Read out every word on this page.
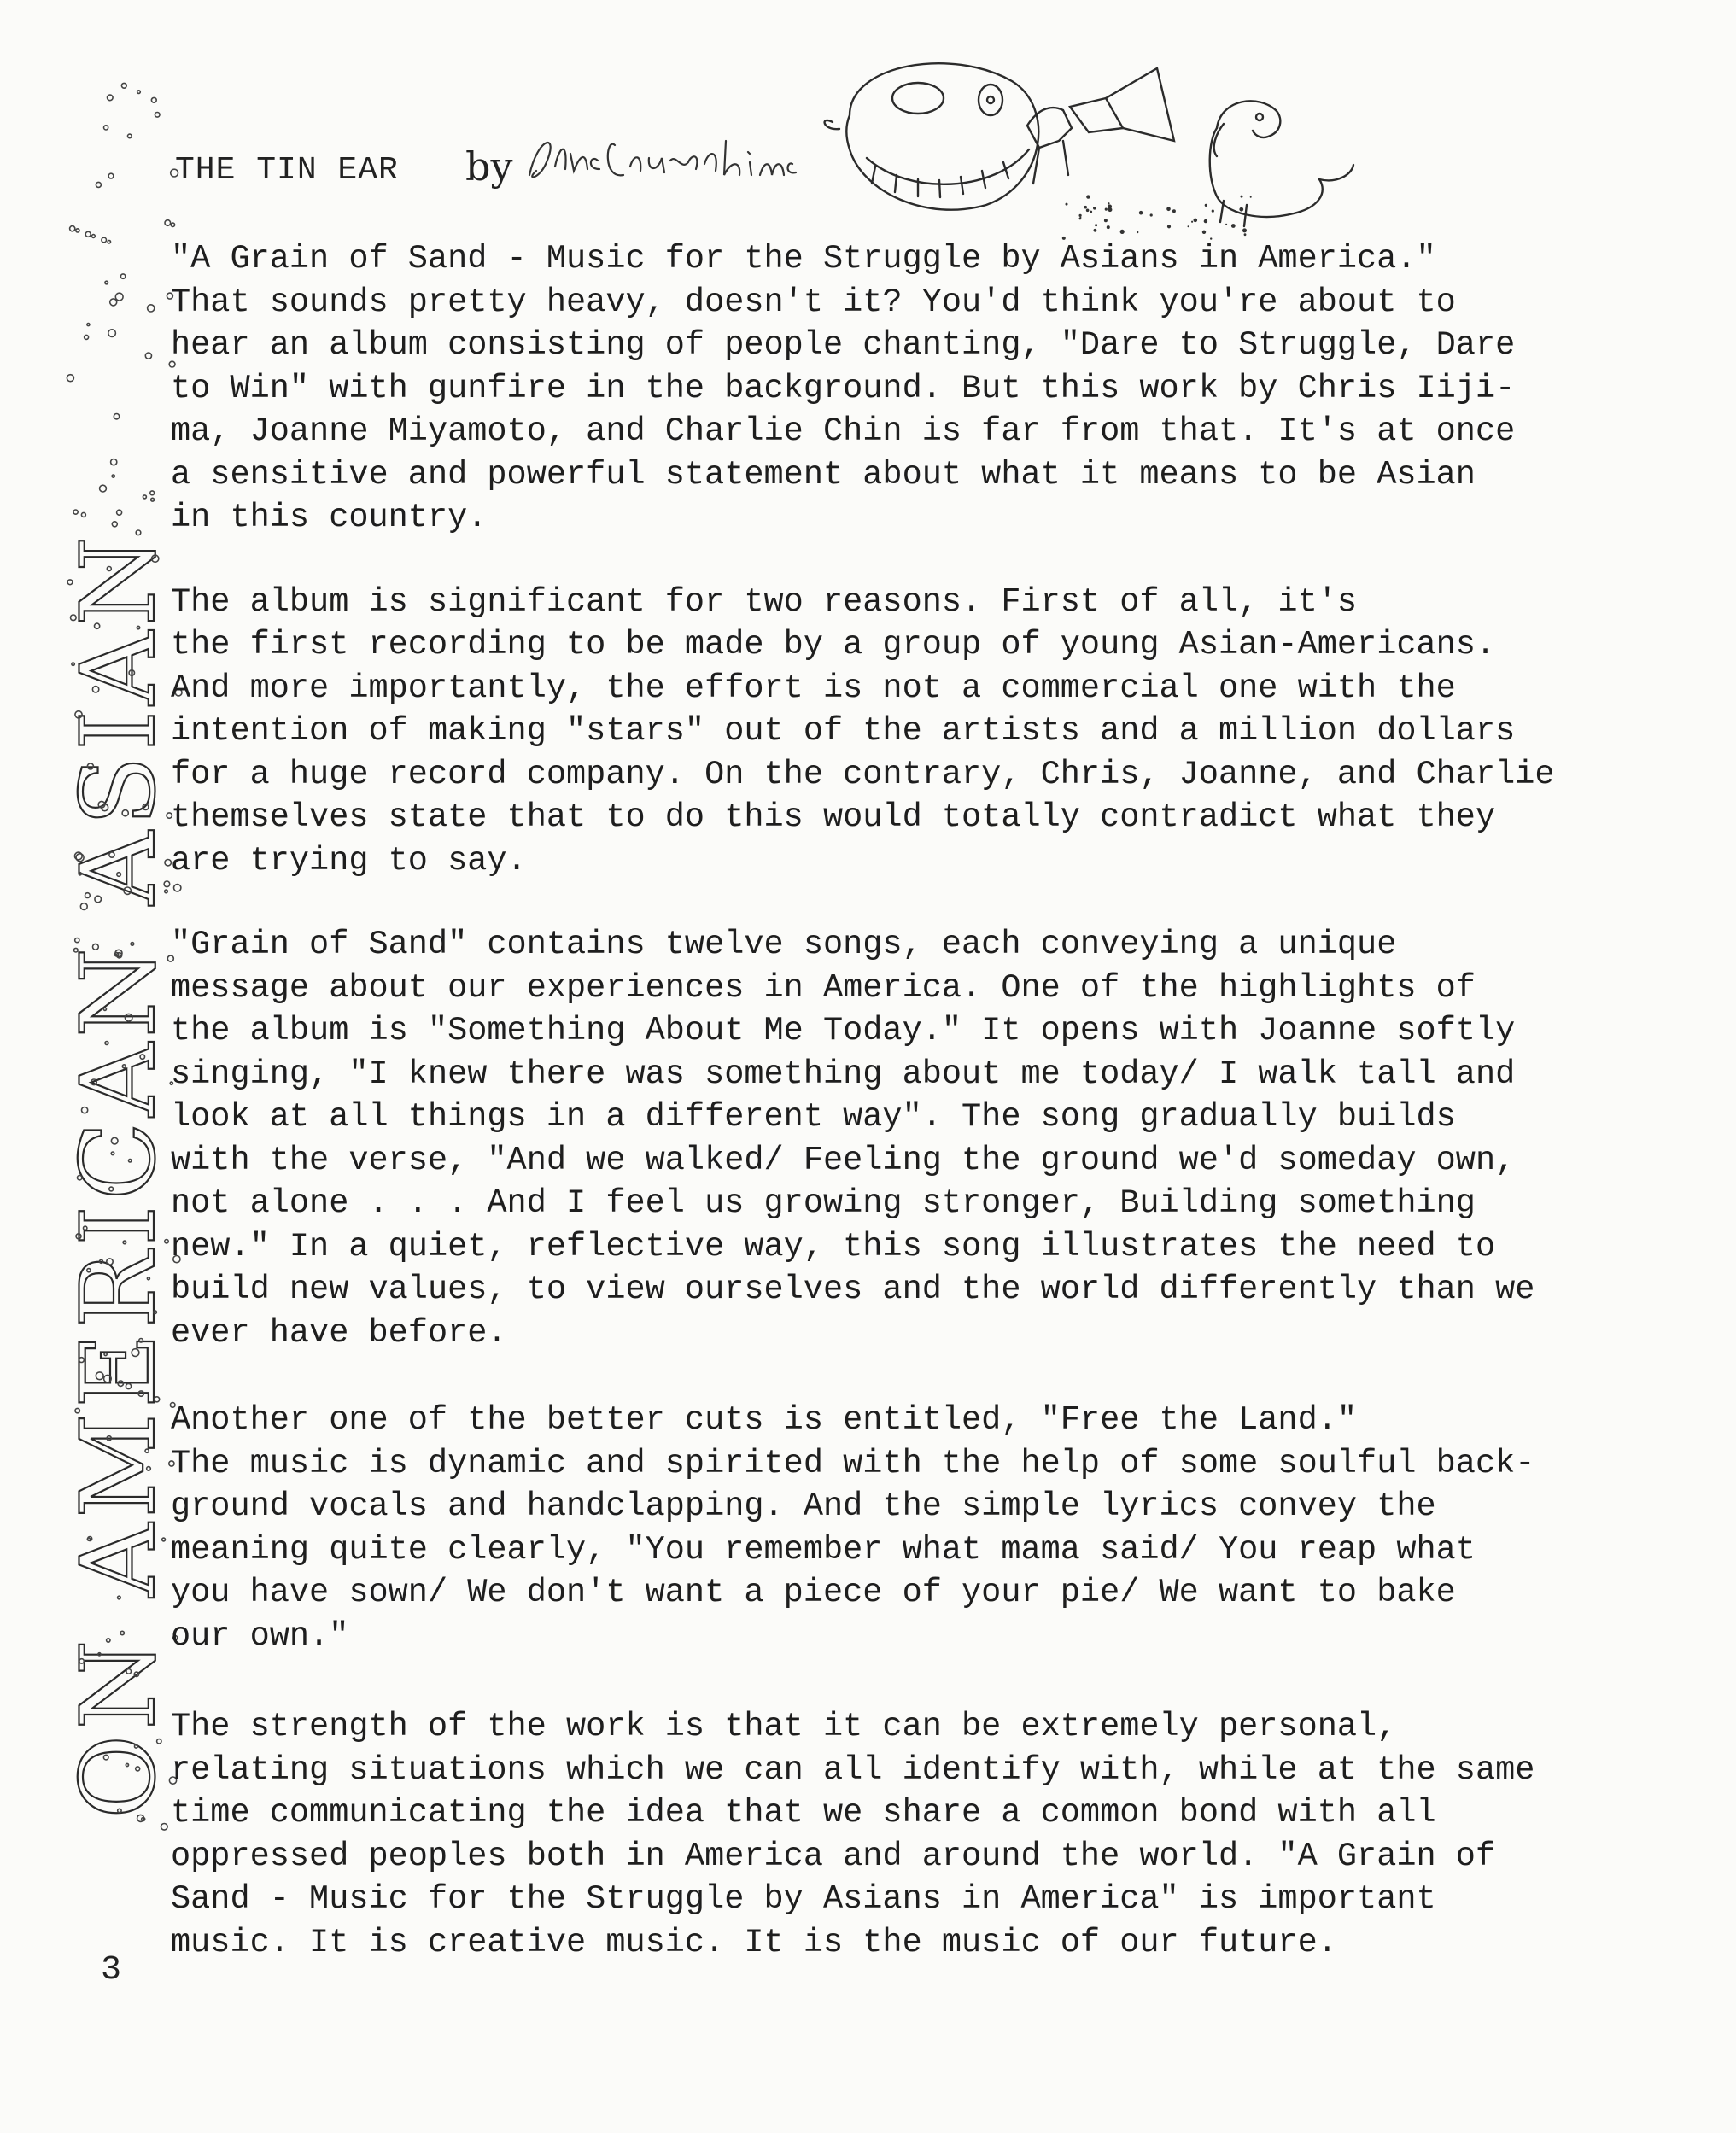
ON AMERICAN ASIAN
THE TIN EAR by

"A Grain of Sand - Music for the Struggle by Asians in America."
That sounds pretty heavy, doesn't it? You'd think you're about to
hear an album consisting of people chanting, "Dare to Struggle, Dare
to Win" with gunfire in the background. But this work by Chris Iiji-
ma, Joanne Miyamoto, and Charlie Chin is far from that. It's at once
a sensitive and powerful statement about what it means to be Asian
in this country.

The album is significant for two reasons. First of all, it's
the first recording to be made by a group of young Asian-Americans.
And more importantly, the effort is not a commercial one with the
intention of making "stars" out of the artists and a million dollars
for a huge record company. On the contrary, Chris, Joanne, and Charlie
themselves state that to do this would totally contradict what they
are trying to say.

"Grain of Sand" contains twelve songs, each conveying a unique
message about our experiences in America. One of the highlights of
the album is "Something About Me Today." It opens with Joanne softly
singing, "I knew there was something about me today/ I walk tall and
look at all things in a different way". The song gradually builds
with the verse, "And we walked/ Feeling the ground we'd someday own,
not alone . . . And I feel us growing stronger, Building something
new." In a quiet, reflective way, this song illustrates the need to
build new values, to view ourselves and the world differently than we
ever have before.

Another one of the better cuts is entitled, "Free the Land."
The music is dynamic and spirited with the help of some soulful back-
ground vocals and handclapping. And the simple lyrics convey the
meaning quite clearly, "You remember what mama said/ You reap what
you have sown/ We don't want a piece of your pie/ We want to bake
our own."

The strength of the work is that it can be extremely personal,
relating situations which we can all identify with, while at the same
time communicating the idea that we share a common bond with all
oppressed peoples both in America and around the world. "A Grain of
Sand - Music for the Struggle by Asians in America" is important
music. It is creative music. It is the music of our future.

3
